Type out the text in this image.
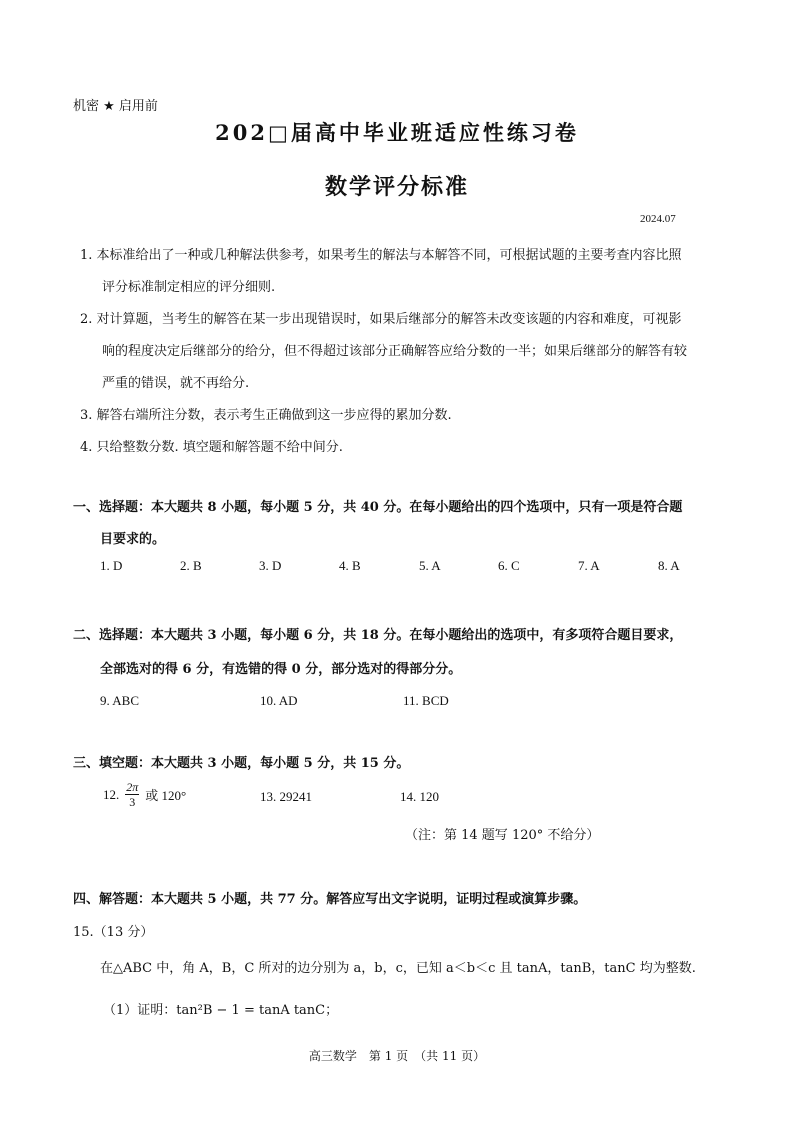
机密 ★ 启用前
202□届高中毕业班适应性练习卷
数学评分标准
2024.07
1. 本标准给出了一种或几种解法供参考，如果考生的解法与本解答不同，可根据试题的主要考查内容比照
评分标准制定相应的评分细则.
2. 对计算题，当考生的解答在某一步出现错误时，如果后继部分的解答未改变该题的内容和难度，可视影
响的程度决定后继部分的给分，但不得超过该部分正确解答应给分数的一半；如果后继部分的解答有较
严重的错误，就不再给分.
3. 解答右端所注分数，表示考生正确做到这一步应得的累加分数.
4. 只给整数分数. 填空题和解答题不给中间分.
一、选择题：本大题共 8 小题，每小题 5 分，共 40 分。在每小题给出的四个选项中，只有一项是符合题
目要求的。
1. D	2. B	3. D	4. B	5. A	6. C	7. A	8. A
二、选择题：本大题共 3 小题，每小题 6 分，共 18 分。在每小题给出的选项中，有多项符合题目要求，
全部选对的得 6 分，有选错的得 0 分，部分选对的得部分分。
9. ABC	10. AD	11. BCD
三、填空题：本大题共 3 小题，每小题 5 分，共 15 分。
12. $\frac{2\pi}{3}$ 或 120°	13. 29241	14. 120
（注：第 14 题写 120° 不给分）
四、解答题：本大题共 5 小题，共 77 分。解答应写出文字说明，证明过程或演算步骤。
15.（13 分）
在△ABC 中，角 A，B，C 所对的边分别为 a，b，c，已知 a＜b＜c 且 tanA，tanB，tanC 均为整数.
（1）证明：tan²B − 1 = tanA tanC；
高三数学　第 1 页　（共 11 页）
